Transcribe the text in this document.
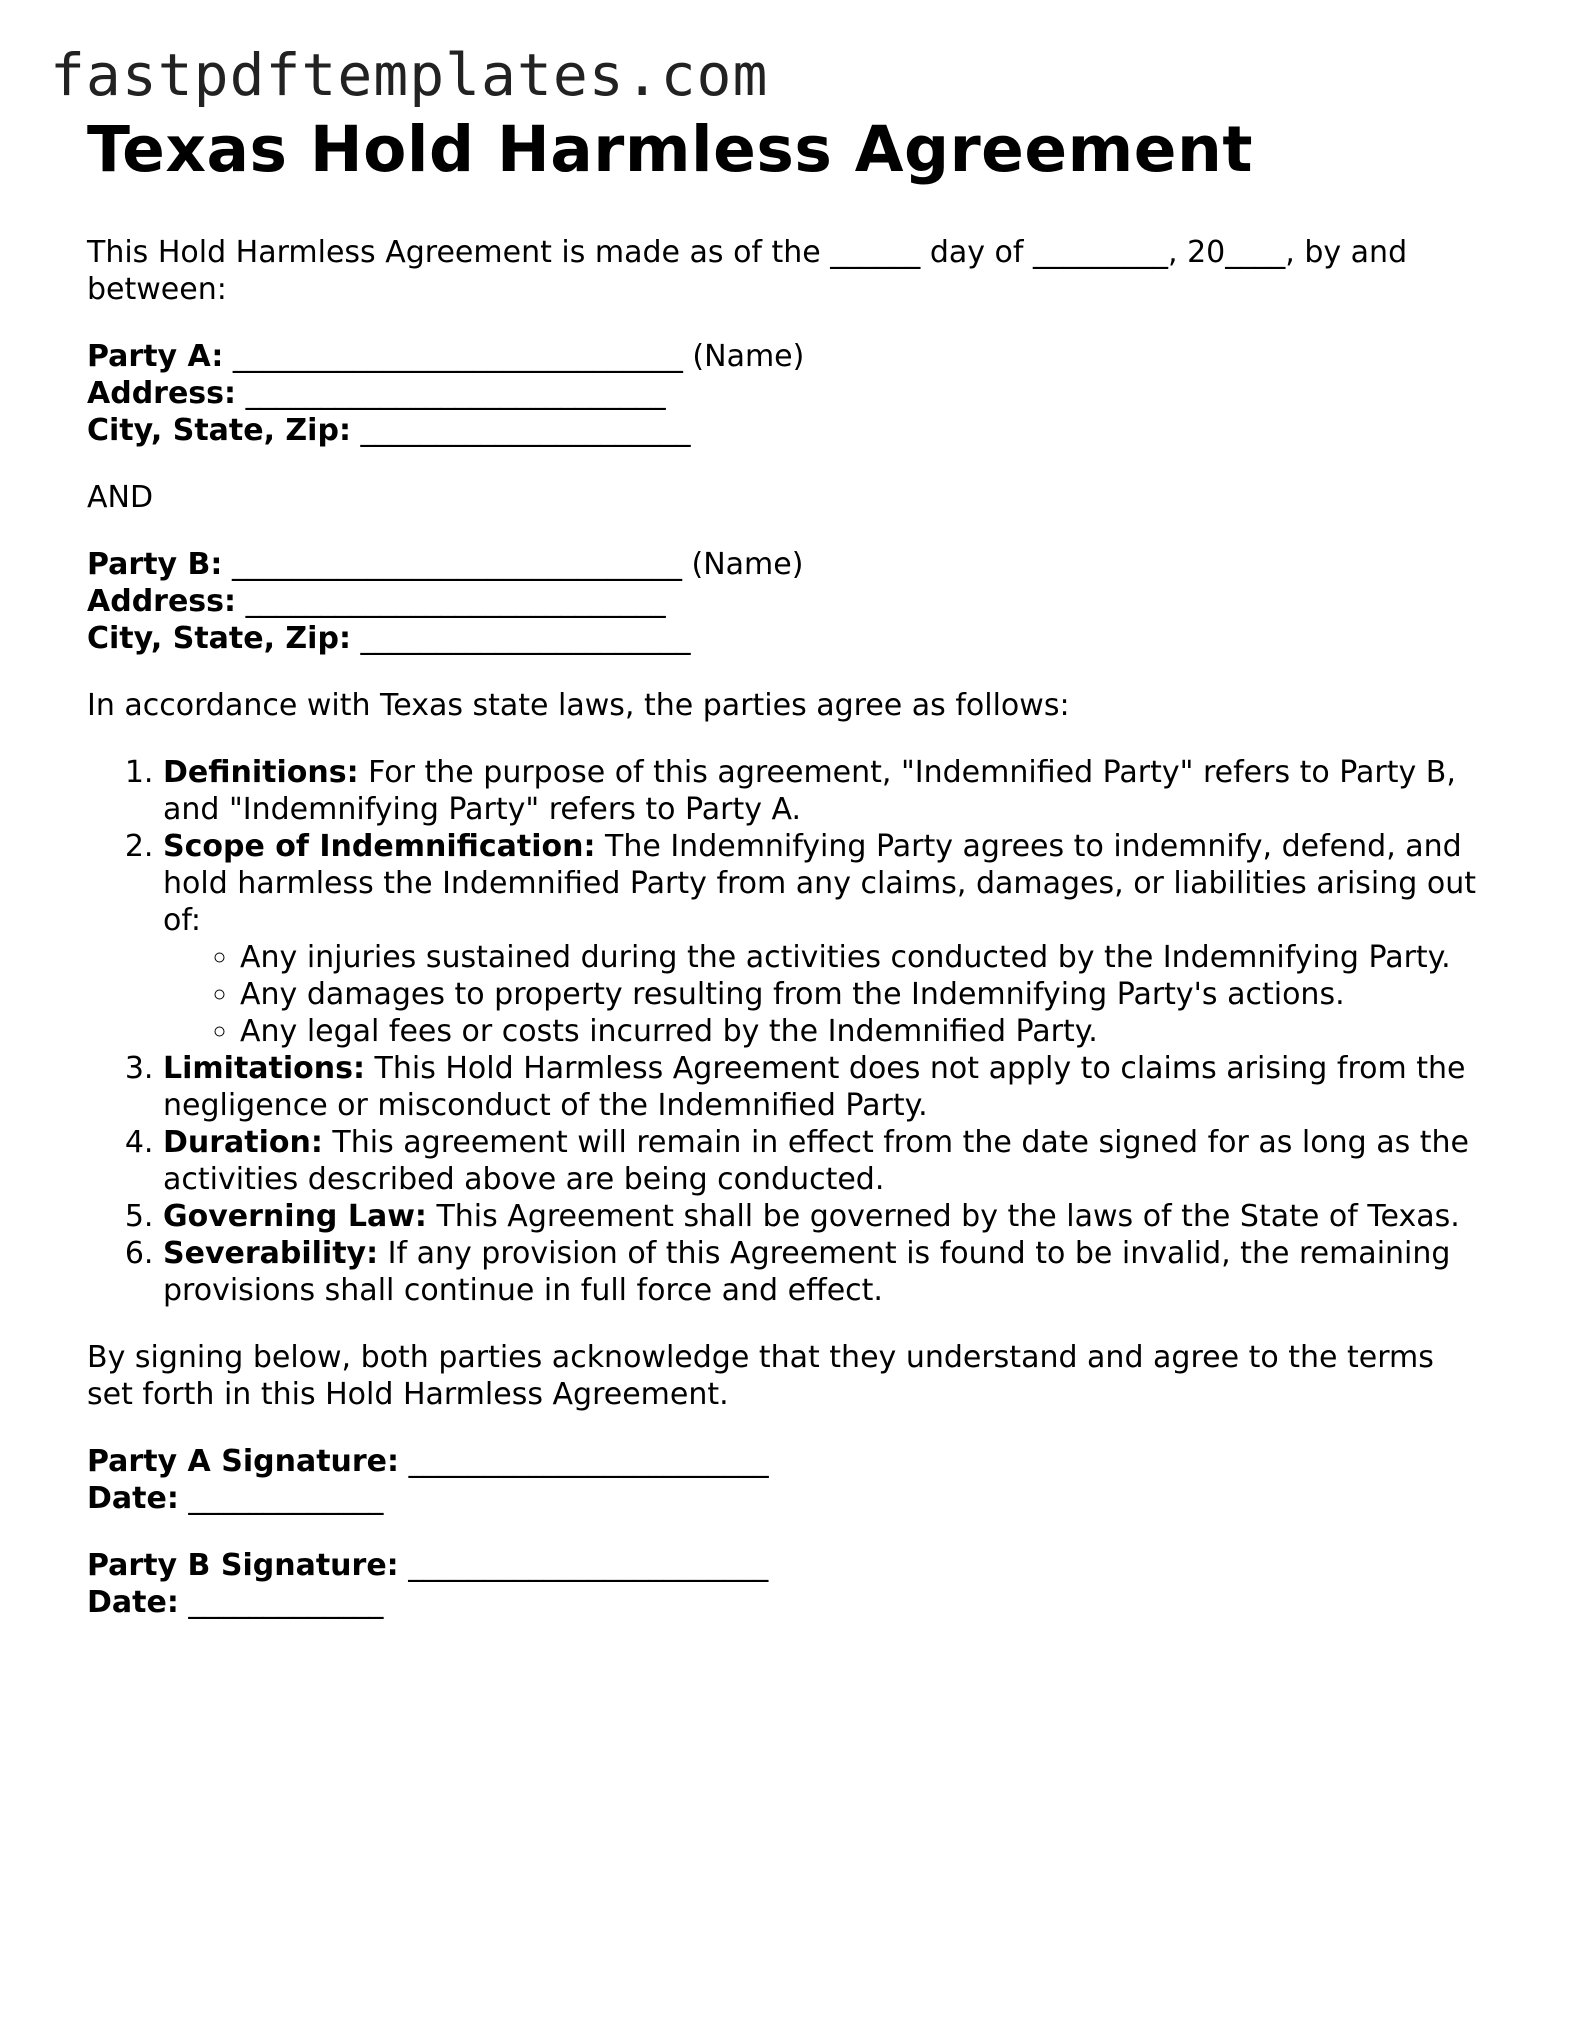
fastpdftemplates.com
Texas Hold Harmless Agreement

This Hold Harmless Agreement is made as of the ______ day of _________, 20____, by and between:

Party A: ______________________________ (Name)
Address: ____________________________
City, State, Zip: ______________________

AND

Party B: ______________________________ (Name)
Address: ____________________________
City, State, Zip: ______________________

In accordance with Texas state laws, the parties agree as follows:

1. Definitions: For the purpose of this agreement, "Indemnified Party" refers to Party B, and "Indemnifying Party" refers to Party A.
2. Scope of Indemnification: The Indemnifying Party agrees to indemnify, defend, and hold harmless the Indemnified Party from any claims, damages, or liabilities arising out of:
◦ Any injuries sustained during the activities conducted by the Indemnifying Party.
◦ Any damages to property resulting from the Indemnifying Party's actions.
◦ Any legal fees or costs incurred by the Indemnified Party.
3. Limitations: This Hold Harmless Agreement does not apply to claims arising from the negligence or misconduct of the Indemnified Party.
4. Duration: This agreement will remain in effect from the date signed for as long as the activities described above are being conducted.
5. Governing Law: This Agreement shall be governed by the laws of the State of Texas.
6. Severability: If any provision of this Agreement is found to be invalid, the remaining provisions shall continue in full force and effect.

By signing below, both parties acknowledge that they understand and agree to the terms set forth in this Hold Harmless Agreement.

Party A Signature: ________________________
Date: _____________
Party B Signature: ________________________
Date: _____________
